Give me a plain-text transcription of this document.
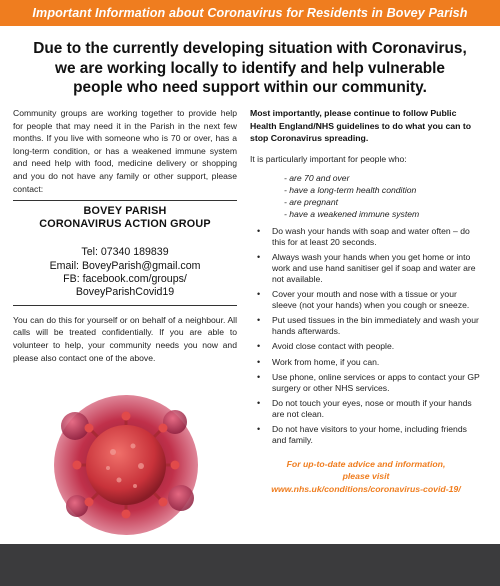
Important Information about Coronavirus for Residents in Bovey Parish
Due to the currently developing situation with Coronavirus,
we are working locally to identify and help vulnerable
people who need support within our community.

Community groups are working together to provide help for people that may need it in the Parish in the next few months. If you live with someone who is 70 or over, has a long-term condition, or has a weakened immune system and need help with food, medicine delivery or shopping and you do not have any family or other support, please contact:

BOVEY PARISH
CORONAVIRUS ACTION GROUP
Tel: 07340 189839
Email: BoveyParish@gmail.com
FB: facebook.com/groups/
BoveyParishCovid19

You can do this for yourself or on behalf of a neighbour. All calls will be treated confidentially. If you are able to volunteer to help, your community needs you now and please also contact one of the above.

Most importantly, please continue to follow Public Health England/NHS guidelines to do what you can to stop Coronavirus spreading.

It is particularly important for people who:

- are 70 and over
- have a long-term health condition
- are pregnant
- have a weakened immune system
• Do wash your hands with soap and water often – do this for at least 20 seconds.
• Always wash your hands when you get home or into work and use hand sanitiser gel if soap and water are not available.
• Cover your mouth and nose with a tissue or your sleeve (not your hands) when you cough or sneeze.
• Put used tissues in the bin immediately and wash your hands afterwards.
• Avoid close contact with people.
• Work from home, if you can.
• Use phone, online services or apps to contact your GP surgery or other NHS services.
• Do not touch your eyes, nose or mouth if your hands are not clean.
• Do not have visitors to your home, including friends and family.
For up-to-date advice and information,
please visit
www.nhs.uk/conditions/coronavirus-covid-19/
